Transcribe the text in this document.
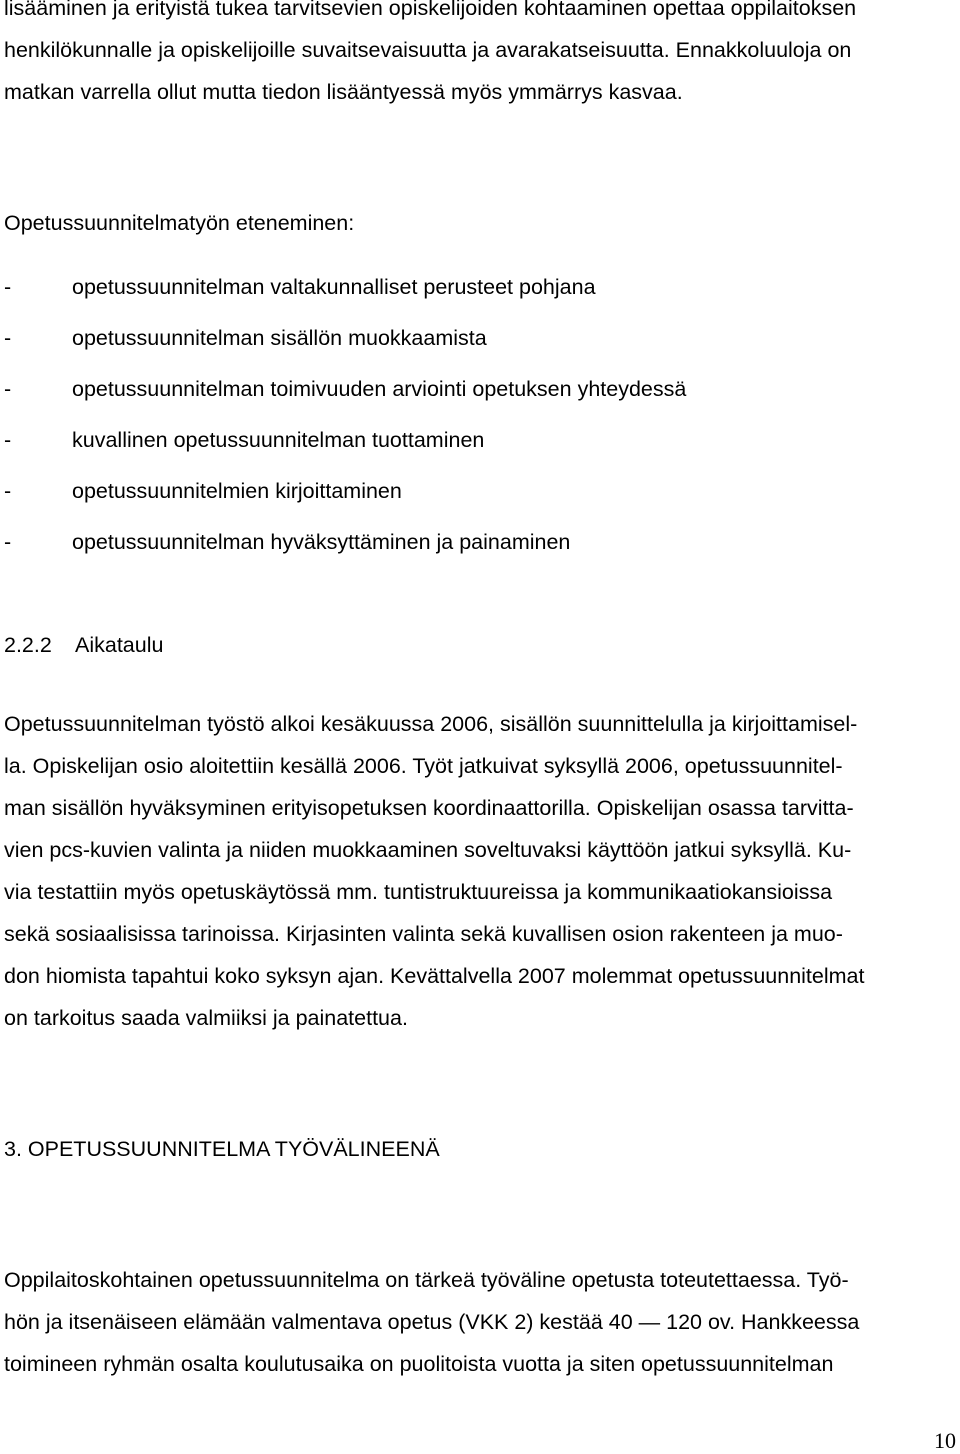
lisääminen ja erityistä tukea tarvitsevien opiskelijoiden kohtaaminen opettaa oppilaitoksen

henkilökunnalle ja opiskelijoille suvaitsevaisuutta ja avarakatseisuutta. Ennakkoluuloja on

matkan varrella ollut mutta tiedon lisääntyessä myös ymmärrys kasvaa.

Opetussuunnitelmatyön eteneminen:

-	opetussuunnitelman valtakunnalliset perusteet pohjana
-	opetussuunnitelman sisällön muokkaamista
-	opetussuunnitelman toimivuuden arviointi opetuksen yhteydessä
-	kuvallinen opetussuunnitelman tuottaminen
-	opetussuunnitelmien kirjoittaminen
-	opetussuunnitelman hyväksyttäminen ja painaminen
2.2.2 Aikataulu

Opetussuunnitelman työstö alkoi kesäkuussa 2006, sisällön suunnittelulla ja kirjoittamisel-

la. Opiskelijan osio aloitettiin kesällä 2006. Työt jatkuivat syksyllä 2006, opetussuunnitel-

man sisällön hyväksyminen erityisopetuksen koordinaattorilla. Opiskelijan osassa tarvitta-

vien pcs-kuvien valinta ja niiden muokkaaminen soveltuvaksi käyttöön jatkui syksyllä. Ku-

via testattiin myös opetuskäytössä mm. tuntistruktuureissa ja kommunikaatiokansioissa

sekä sosiaalisissa tarinoissa. Kirjasinten valinta sekä kuvallisen osion rakenteen ja muo-

don hiomista tapahtui koko syksyn ajan. Kevättalvella 2007 molemmat opetussuunnitelmat

on tarkoitus saada valmiiksi ja painatettua.

3. OPETUSSUUNNITELMA TYÖVÄLINEENÄ

Oppilaitoskohtainen opetussuunnitelma on tärkeä työväline opetusta toteutettaessa. Työ-

hön ja itsenäiseen elämään valmentava opetus (VKK 2) kestää 40 — 120 ov. Hankkeessa

toimineen ryhmän osalta koulutusaika on puolitoista vuotta ja siten opetussuunnitelman

10
